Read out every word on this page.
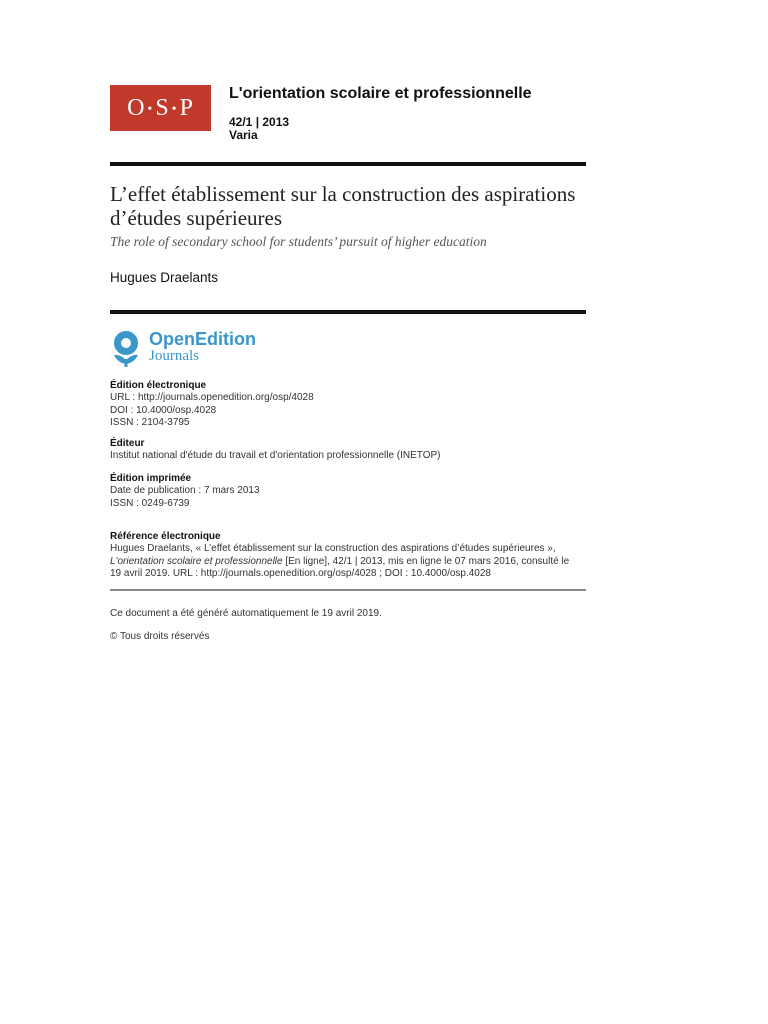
O • S • P
L'orientation scolaire et professionnelle
42/1 | 2013
Varia
L’effet établissement sur la construction des aspirations d’études supérieures
The role of secondary school for students’ pursuit of higher education
Hugues Draelants
OpenEdition
Journals
Édition électronique
URL : http://journals.openedition.org/osp/4028
DOI : 10.4000/osp.4028
ISSN : 2104-3795
Éditeur
Institut national d'étude du travail et d'orientation professionnelle (INETOP)
Édition imprimée
Date de publication : 7 mars 2013
ISSN : 0249-6739
Référence électronique
Hugues Draelants, « L’effet établissement sur la construction des aspirations d’études supérieures »,
L'orientation scolaire et professionnelle [En ligne], 42/1 | 2013, mis en ligne le 07 mars 2016, consulté le
19 avril 2019. URL : http://journals.openedition.org/osp/4028 ; DOI : 10.4000/osp.4028
Ce document a été généré automatiquement le 19 avril 2019.
© Tous droits réservés
